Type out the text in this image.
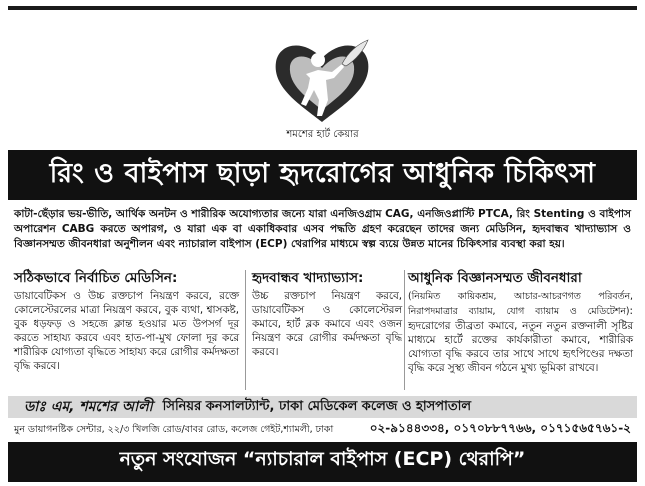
শমশের হার্ট কেয়ার
রিং ও বাইপাস ছাড়া হৃদরোগের আধুনিক চিকিৎসা
কাটা-ছেঁড়ার ভয়-ভীতি, আর্থিক অনটন ও শারীরিক অযোগ্যতার জন্যে যারা এনজিওগ্রাম CAG, এনজিওপ্লাস্টি PTCA, রিং Stenting ও বাইপাস অপারেশন CABG করতে অপারগ, ও যারা এক বা একাধিকবার এসব পদ্ধতি গ্রহণ করেছেন তাদের জন্য মেডিসিন, হৃদবান্ধব খাদ্যাভ্যাস ও বিজ্ঞানসম্মত জীবনধারা অনুশীলন এবং ন্যাচারাল বাইপাস (ECP) থেরাপির মাধ্যমে স্বল্প ব্যয়ে উন্নত মানের চিকিৎসার ব্যবস্থা করা হয়।
সঠিকভাবে নির্বাচিত মেডিসিন:
ডায়াবেটিকস ও উচ্চ রক্তচাপ নিয়ন্ত্রণ করবে, রক্তে কোলেস্টেরলের মাত্রা নিয়ন্ত্রণ করবে, বুক ব্যথা, শ্বাসকষ্ট, বুক ধড়ফড় ও সহজে ক্লান্ত হওয়ার মত উপসর্গ দূর করতে সাহায্য করবে এবং হাত-পা-মুখ ফোলা দূর করে শারীরিক যোগ্যতা বৃদ্ধিতে সাহায্য করে রোগীর কর্মদক্ষতা বৃদ্ধি করবে।
হৃদবান্ধব খাদ্যাভ্যাস:
উচ্চ রক্তচাপ নিয়ন্ত্রণ করবে, ডায়াবেটিকস ও কোলেস্টেরল কমাবে, হার্ট ব্লক কমাবে এবং ওজন নিয়ন্ত্রণ করে রোগীর কর্মদক্ষতা বৃদ্ধি করবে।
আধুনিক বিজ্ঞানসম্মত জীবনধারা
(নিয়মিত কায়িকশ্রম, আচার-আচরণগত পরিবর্তন, নিরাপদমাত্রার ব্যায়াম, যোগ ব্যায়াম ও মেডিটেশন): হৃদরোগের তীব্রতা কমাবে, নতুন নতুন রক্তনালী সৃষ্টির মাধ্যমে হার্টে রক্তের কার্যকারীতা কমাবে, শারীরিক যোগ্যতা বৃদ্ধি করবে তার সাথে সাথে হৃৎপিণ্ডের দক্ষতা বৃদ্ধি করে সুস্থ্য জীবন গঠনে মুখ্য ভূমিকা রাখবে।
ডাঃ এম, শমশের আলী সিনিয়র কনসালট্যান্ট, ঢাকা মেডিকেল কলেজ ও হাসপাতাল
মুন ডায়াগনষ্টিক সেন্টার, ২২/৩ খিলজি রোড/বাবর রোড, কলেজ গেইট,শ্যামলী, ঢাকা	০২-৯১৪৪৩৩৪, ০১৭০৮৮৭৭৬৬, ০১৭১৫৬৫৭৬১-২
নতুন সংযোজন “ন্যাচারাল বাইপাস (ECP) থেরাপি”
